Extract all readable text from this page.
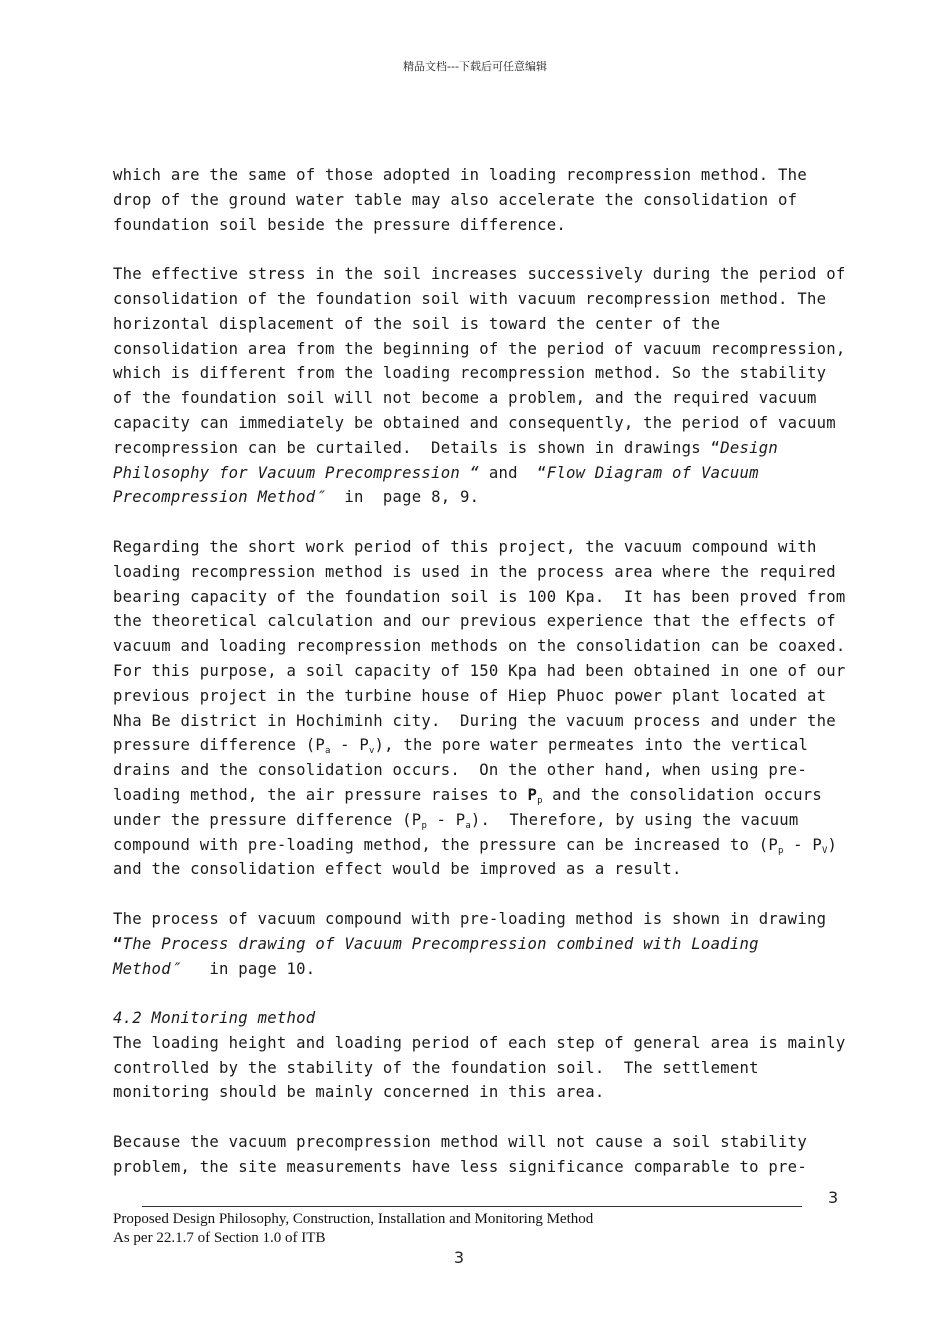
精品文档---下载后可任意编辑
which are the same of those adopted in loading recompression method. The
drop of the ground water table may also accelerate the consolidation of
foundation soil beside the pressure difference.
The effective stress in the soil increases successively during the period of
consolidation of the foundation soil with vacuum recompression method. The
horizontal displacement of the soil is toward the center of the
consolidation area from the beginning of the period of vacuum recompression,
which is different from the loading recompression method. So the stability
of the foundation soil will not become a problem, and the required vacuum
capacity can immediately be obtained and consequently, the period of vacuum
recompression can be curtailed.  Details is shown in drawings “Design
Philosophy for Vacuum Precompression “ and  “Flow Diagram of Vacuum
Precompression Method″  in  page 8, 9.
Regarding the short work period of this project, the vacuum compound with
loading recompression method is used in the process area where the required
bearing capacity of the foundation soil is 100 Kpa.  It has been proved from
the theoretical calculation and our previous experience that the effects of
vacuum and loading recompression methods on the consolidation can be coaxed.
For this purpose, a soil capacity of 150 Kpa had been obtained in one of our
previous project in the turbine house of Hiep Phuoc power plant located at
Nha Be district in Hochiminh city.  During the vacuum process and under the
pressure difference $(P_a - P_v)$, the pore water permeates into the vertical
drains and the consolidation occurs.  On the other hand, when using pre-
loading method, the air pressure raises to $P_p$ and the consolidation occurs
under the pressure difference $(P_p - P_a)$.  Therefore, by using the vacuum
compound with pre-loading method, the pressure can be increased to $(P_p - P_V)$
and the consolidation effect would be improved as a result.
The process of vacuum compound with pre-loading method is shown in drawing
“The Process drawing of Vacuum Precompression combined with Loading
Method″   in page 10.
4.2 Monitoring method
The loading height and loading period of each step of general area is mainly
controlled by the stability of the foundation soil.  The settlement
monitoring should be mainly concerned in this area.
Because the vacuum precompression method will not cause a soil stability
problem, the site measurements have less significance comparable to pre-
3
Proposed Design Philosophy, Construction, Installation and Monitoring Method
As per 22.1.7 of Section 1.0 of ITB
3
